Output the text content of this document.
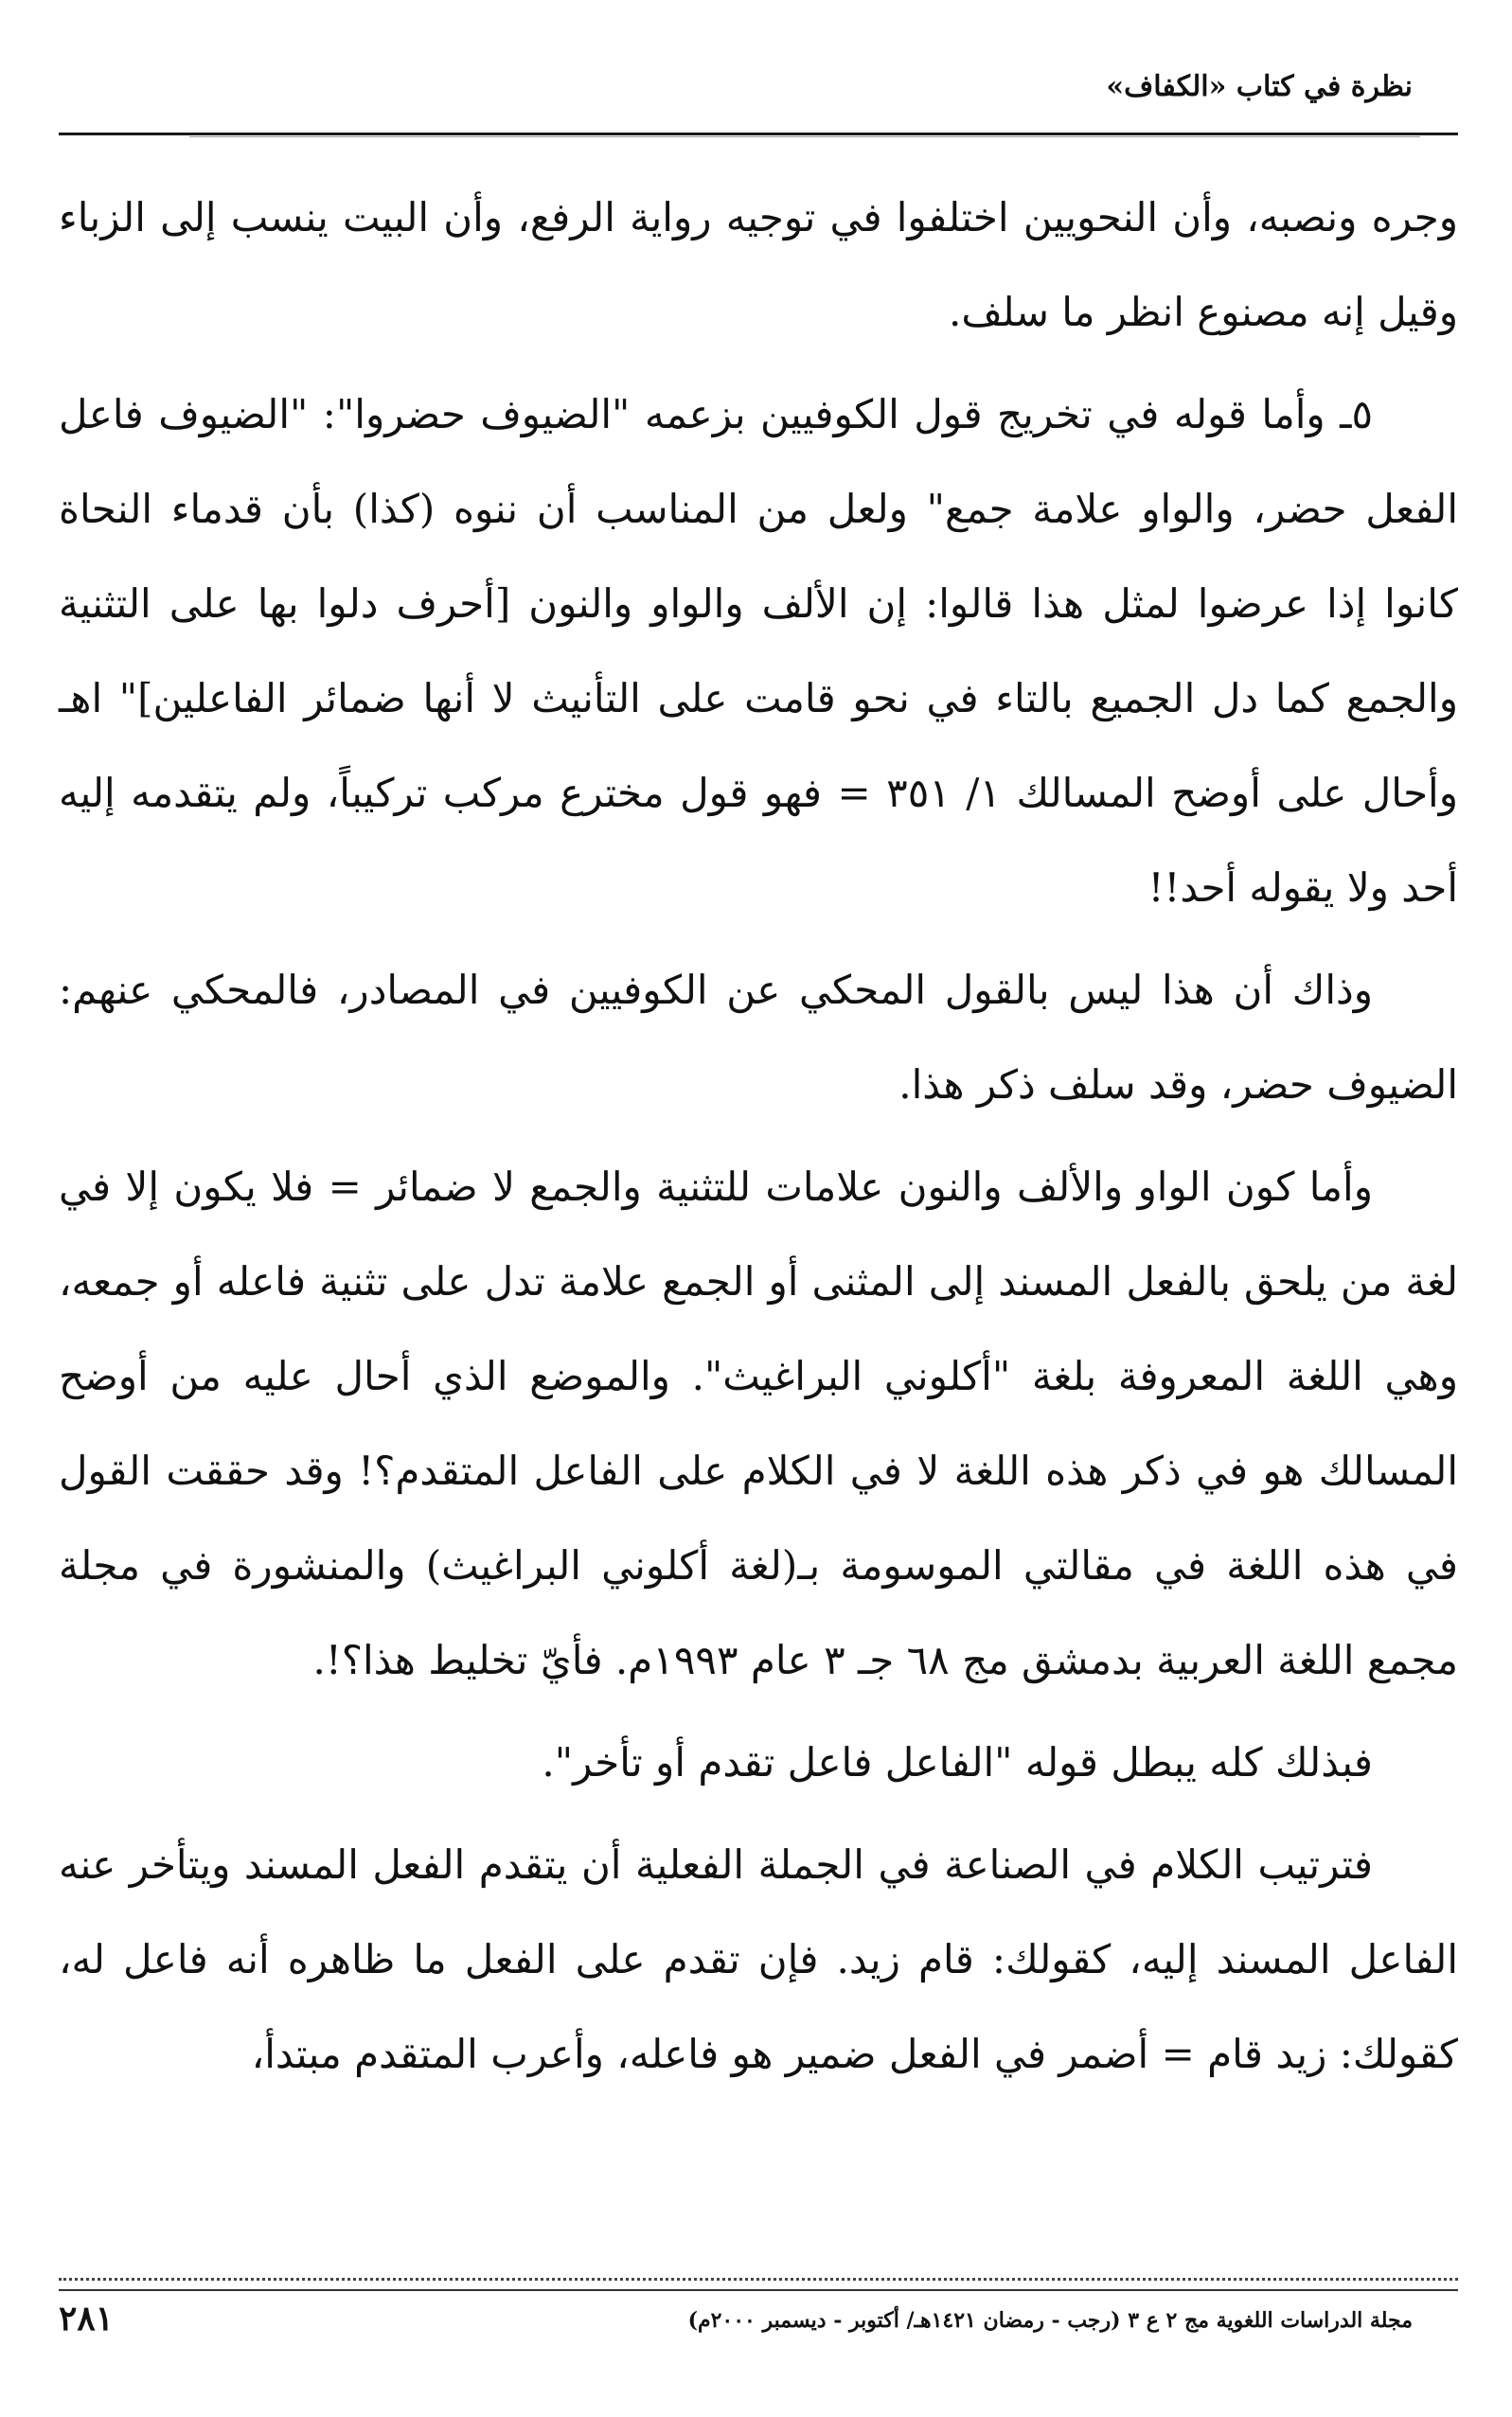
نظرة في كتاب «الكفاف»

وجره ونصبه، وأن النحويين اختلفوا في توجيه رواية الرفع، وأن البيت ينسب إلى الزباء وقيل إنه مصنوع انظر ما سلف.

٥ـ وأما قوله في تخريج قول الكوفيين بزعمه "الضيوف حضروا": "الضيوف فاعل الفعل حضر، والواو علامة جمع" ولعل من المناسب أن ننوه (كذا) بأن قدماء النحاة كانوا إذا عرضوا لمثل هذا قالوا: إن الألف والواو والنون [أحرف دلوا بها على التثنية والجمع كما دل الجميع بالتاء في نحو قامت على التأنيث لا أنها ضمائر الفاعلين]" اهـ وأحال على أوضح المسالك ١/ ٣٥١ = فهو قول مخترع مركب تركيباً، ولم يتقدمه إليه أحد ولا يقوله أحد!!

وذاك أن هذا ليس بالقول المحكي عن الكوفيين في المصادر، فالمحكي عنهم: الضيوف حضر، وقد سلف ذكر هذا.

وأما كون الواو والألف والنون علامات للتثنية والجمع لا ضمائر = فلا يكون إلا في لغة من يلحق بالفعل المسند إلى المثنى أو الجمع علامة تدل على تثنية فاعله أو جمعه، وهي اللغة المعروفة بلغة "أكلوني البراغيث". والموضع الذي أحال عليه من أوضح المسالك هو في ذكر هذه اللغة لا في الكلام على الفاعل المتقدم؟! وقد حققت القول في هذه اللغة في مقالتي الموسومة بـ(لغة أكلوني البراغيث) والمنشورة في مجلة مجمع اللغة العربية بدمشق مج ٦٨ جـ ٣ عام ١٩٩٣م. فأيّ تخليط هذا؟!.

فبذلك كله يبطل قوله "الفاعل فاعل تقدم أو تأخر".

فترتيب الكلام في الصناعة في الجملة الفعلية أن يتقدم الفعل المسند ويتأخر عنه الفاعل المسند إليه، كقولك: قام زيد. فإن تقدم على الفعل ما ظاهره أنه فاعل له، كقولك: زيد قام = أضمر في الفعل ضمير هو فاعله، وأعرب المتقدم مبتدأ،

مجلة الدراسات اللغوية مج ٢ ع ٣ (رجب - رمضان ١٤٢١هـ/ أكتوبر - ديسمبر ٢٠٠٠م)
٢٨١
